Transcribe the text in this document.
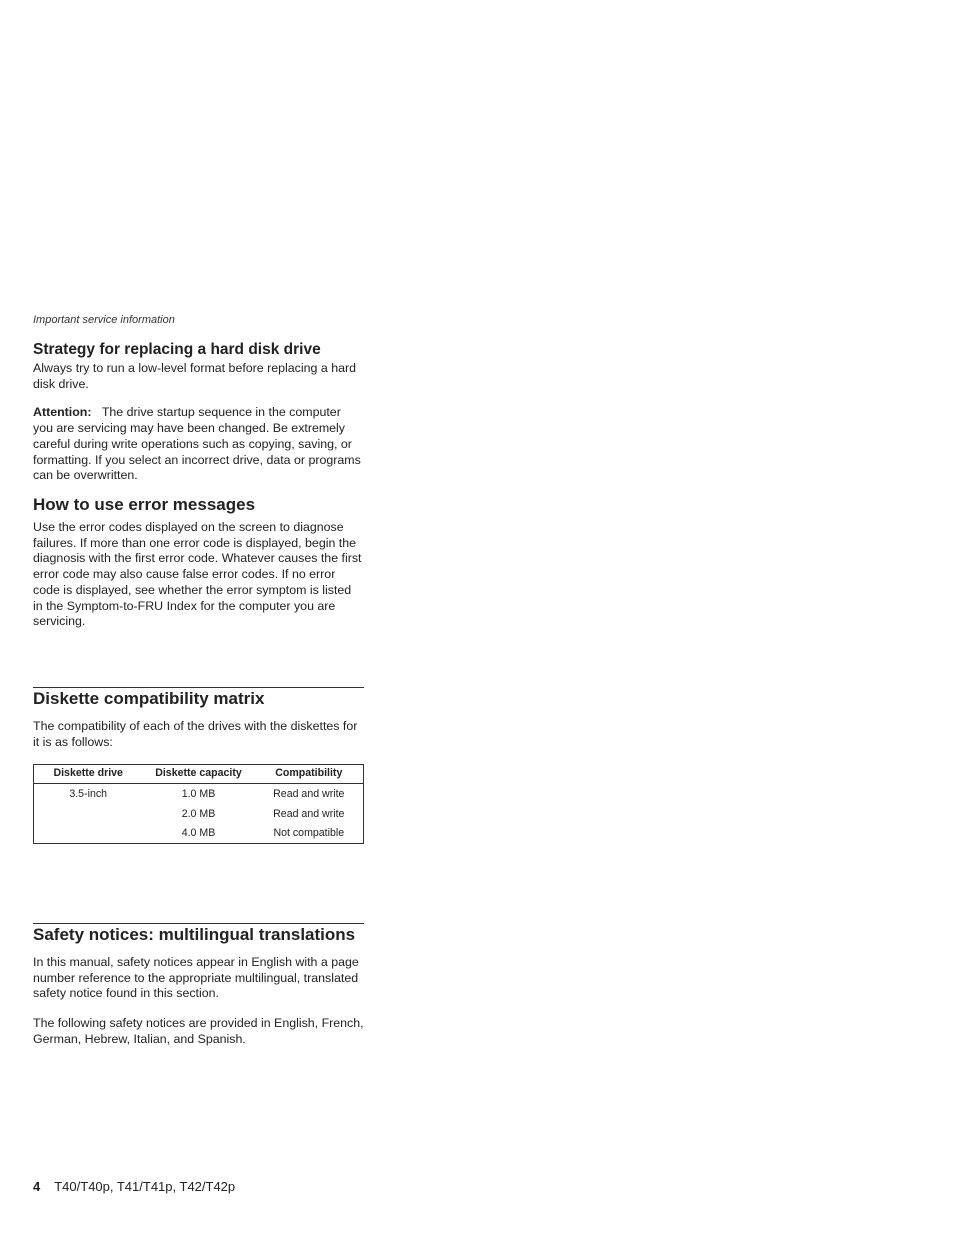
Important service information
Strategy for replacing a hard disk drive

Always try to run a low-level format before replacing a hard disk drive.

Attention: The drive startup sequence in the computer you are servicing may have been changed. Be extremely careful during write operations such as copying, saving, or formatting. If you select an incorrect drive, data or programs can be overwritten.

How to use error messages

Use the error codes displayed on the screen to diagnose failures. If more than one error code is displayed, begin the diagnosis with the first error code. Whatever causes the first error code may also cause false error codes. If no error code is displayed, see whether the error symptom is listed in the Symptom-to-FRU Index for the computer you are servicing.

Diskette compatibility matrix

The compatibility of each of the drives with the diskettes for it is as follows:

Diskette drive	Diskette capacity	Compatibility
3.5-inch	1.0 MB	Read and write
	2.0 MB	Read and write
	4.0 MB	Not compatible
Safety notices: multilingual translations

In this manual, safety notices appear in English with a page number reference to the appropriate multilingual, translated safety notice found in this section.

The following safety notices are provided in English, French, German, Hebrew, Italian, and Spanish.

4 T40/T40p, T41/T41p, T42/T42p
